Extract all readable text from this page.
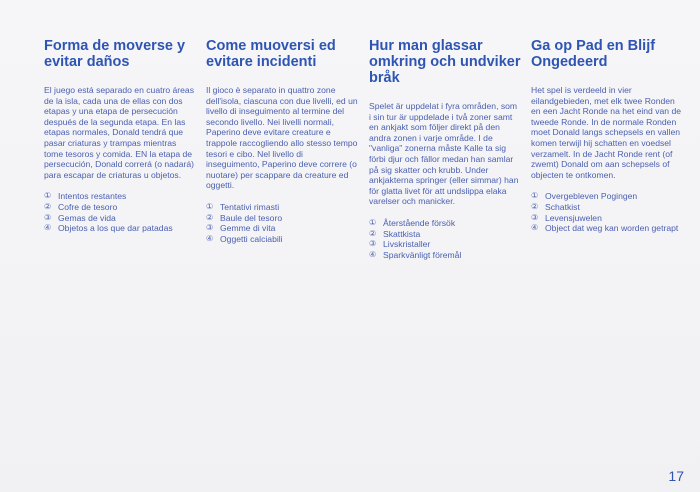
Forma de moverse y evitar daños

El juego está separado en cuatro áreas de la isla, cada una de ellas con dos etapas y una etapa de persecución después de la segunda etapa. En las etapas normales, Donald tendrá que pasar criaturas y trampas mientras tome tesoros y comida. EN la etapa de persecución, Donald correrá (o nadará) para escapar de criaturas u objetos.

① Intentos restantes
② Cofre de tesoro
③ Gemas de vida
④ Objetos a los que dar patadas
Come muoversi ed evitare incidenti

Il gioco è separato in quattro zone dell'isola, ciascuna con due livelli, ed un livello di inseguimento al termine del secondo livello. Nei livelli normali, Paperino deve evitare creature e trappole raccogliendo allo stesso tempo tesori e cibo. Nel livello di inseguimento, Paperino deve correre (o nuotare) per scappare da creature ed oggetti.

① Tentativi rimasti
② Baule del tesoro
③ Gemme di vita
④ Oggetti calciabili
Hur man glassar omkring och undviker bråk

Spelet är uppdelat i fyra områden, som i sin tur är uppdelade i två zoner samt en ankjakt som följer direkt på den andra zonen i varje område. I de "vanliga" zonerna måste Kalle ta sig förbi djur och fällor medan han samlar på sig skatter och krubb. Under ankjakterna springer (eller simmar) han för glatta livet för att undslippa elaka varelser och manicker.

① Återstående försök
② Skattkista
③ Livskristaller
④ Sparkvänligt föremål
Ga op Pad en Blijf Ongedeerd

Het spel is verdeeld in vier eilandgebieden, met elk twee Ronden en een Jacht Ronde na het eind van de tweede Ronde. In de normale Ronden moet Donald langs schepsels en vallen komen terwijl hij schatten en voedsel verzamelt. In de Jacht Ronde rent (of zwemt) Donald om aan schepsels of objecten te ontkomen.

① Overgebleven Pogingen
② Schatkist
③ Levensjuwelen
④ Object dat weg kan worden getrapt
17
